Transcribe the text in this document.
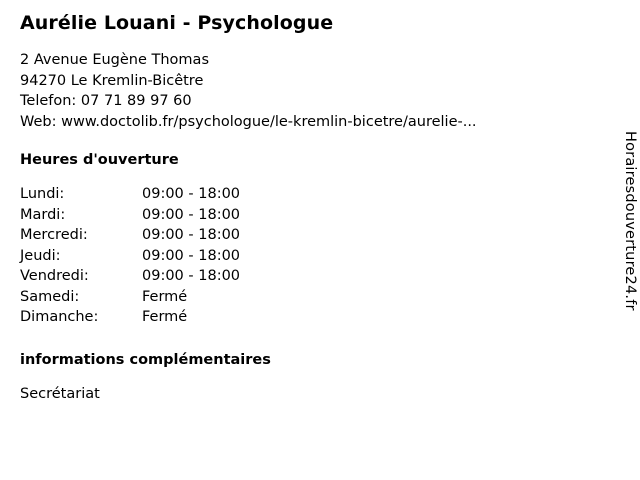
Aurélie Louani - Psychologue
2 Avenue Eugène Thomas
94270 Le Kremlin-Bicêtre
Telefon: 07 71 89 97 60
Web: www.doctolib.fr/psychologue/le-kremlin-bicetre/aurelie-...
Heures d'ouverture
Lundi:	09:00 - 18:00
Mardi:	09:00 - 18:00
Mercredi:	09:00 - 18:00
Jeudi:	09:00 - 18:00
Vendredi:	09:00 - 18:00
Samedi:	Fermé
Dimanche:	Fermé
informations complémentaires
Secrétariat
Horairesdouverture24.fr
